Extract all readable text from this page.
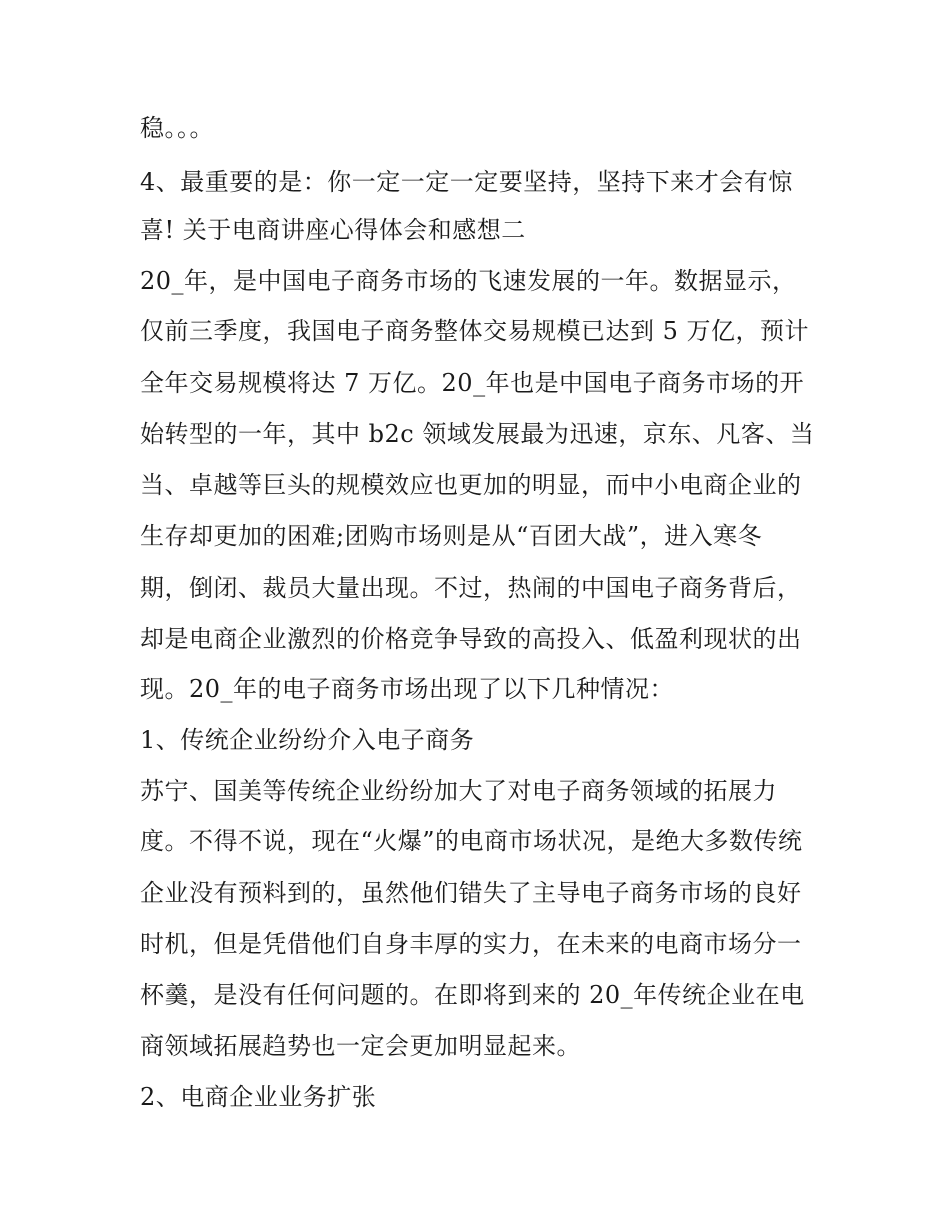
稳。。。
4、最重要的是：你一定一定一定要坚持，坚持下来才会有惊
喜! 关于电商讲座心得体会和感想二
20_年，是中国电子商务市场的飞速发展的一年。数据显示，
仅前三季度，我国电子商务整体交易规模已达到 5 万亿，预计
全年交易规模将达 7 万亿。20_年也是中国电子商务市场的开
始转型的一年，其中 b2c 领域发展最为迅速，京东、凡客、当
当、卓越等巨头的规模效应也更加的明显，而中小电商企业的
生存却更加的困难;团购市场则是从“百团大战”，进入寒冬
期，倒闭、裁员大量出现。不过，热闹的中国电子商务背后，
却是电商企业激烈的价格竞争导致的高投入、低盈利现状的出
现。20_年的电子商务市场出现了以下几种情况：
1、传统企业纷纷介入电子商务
苏宁、国美等传统企业纷纷加大了对电子商务领域的拓展力
度。不得不说，现在“火爆”的电商市场状况，是绝大多数传统
企业没有预料到的，虽然他们错失了主导电子商务市场的良好
时机，但是凭借他们自身丰厚的实力，在未来的电商市场分一
杯羹，是没有任何问题的。在即将到来的 20_年传统企业在电
商领域拓展趋势也一定会更加明显起来。
2、电商企业业务扩张
